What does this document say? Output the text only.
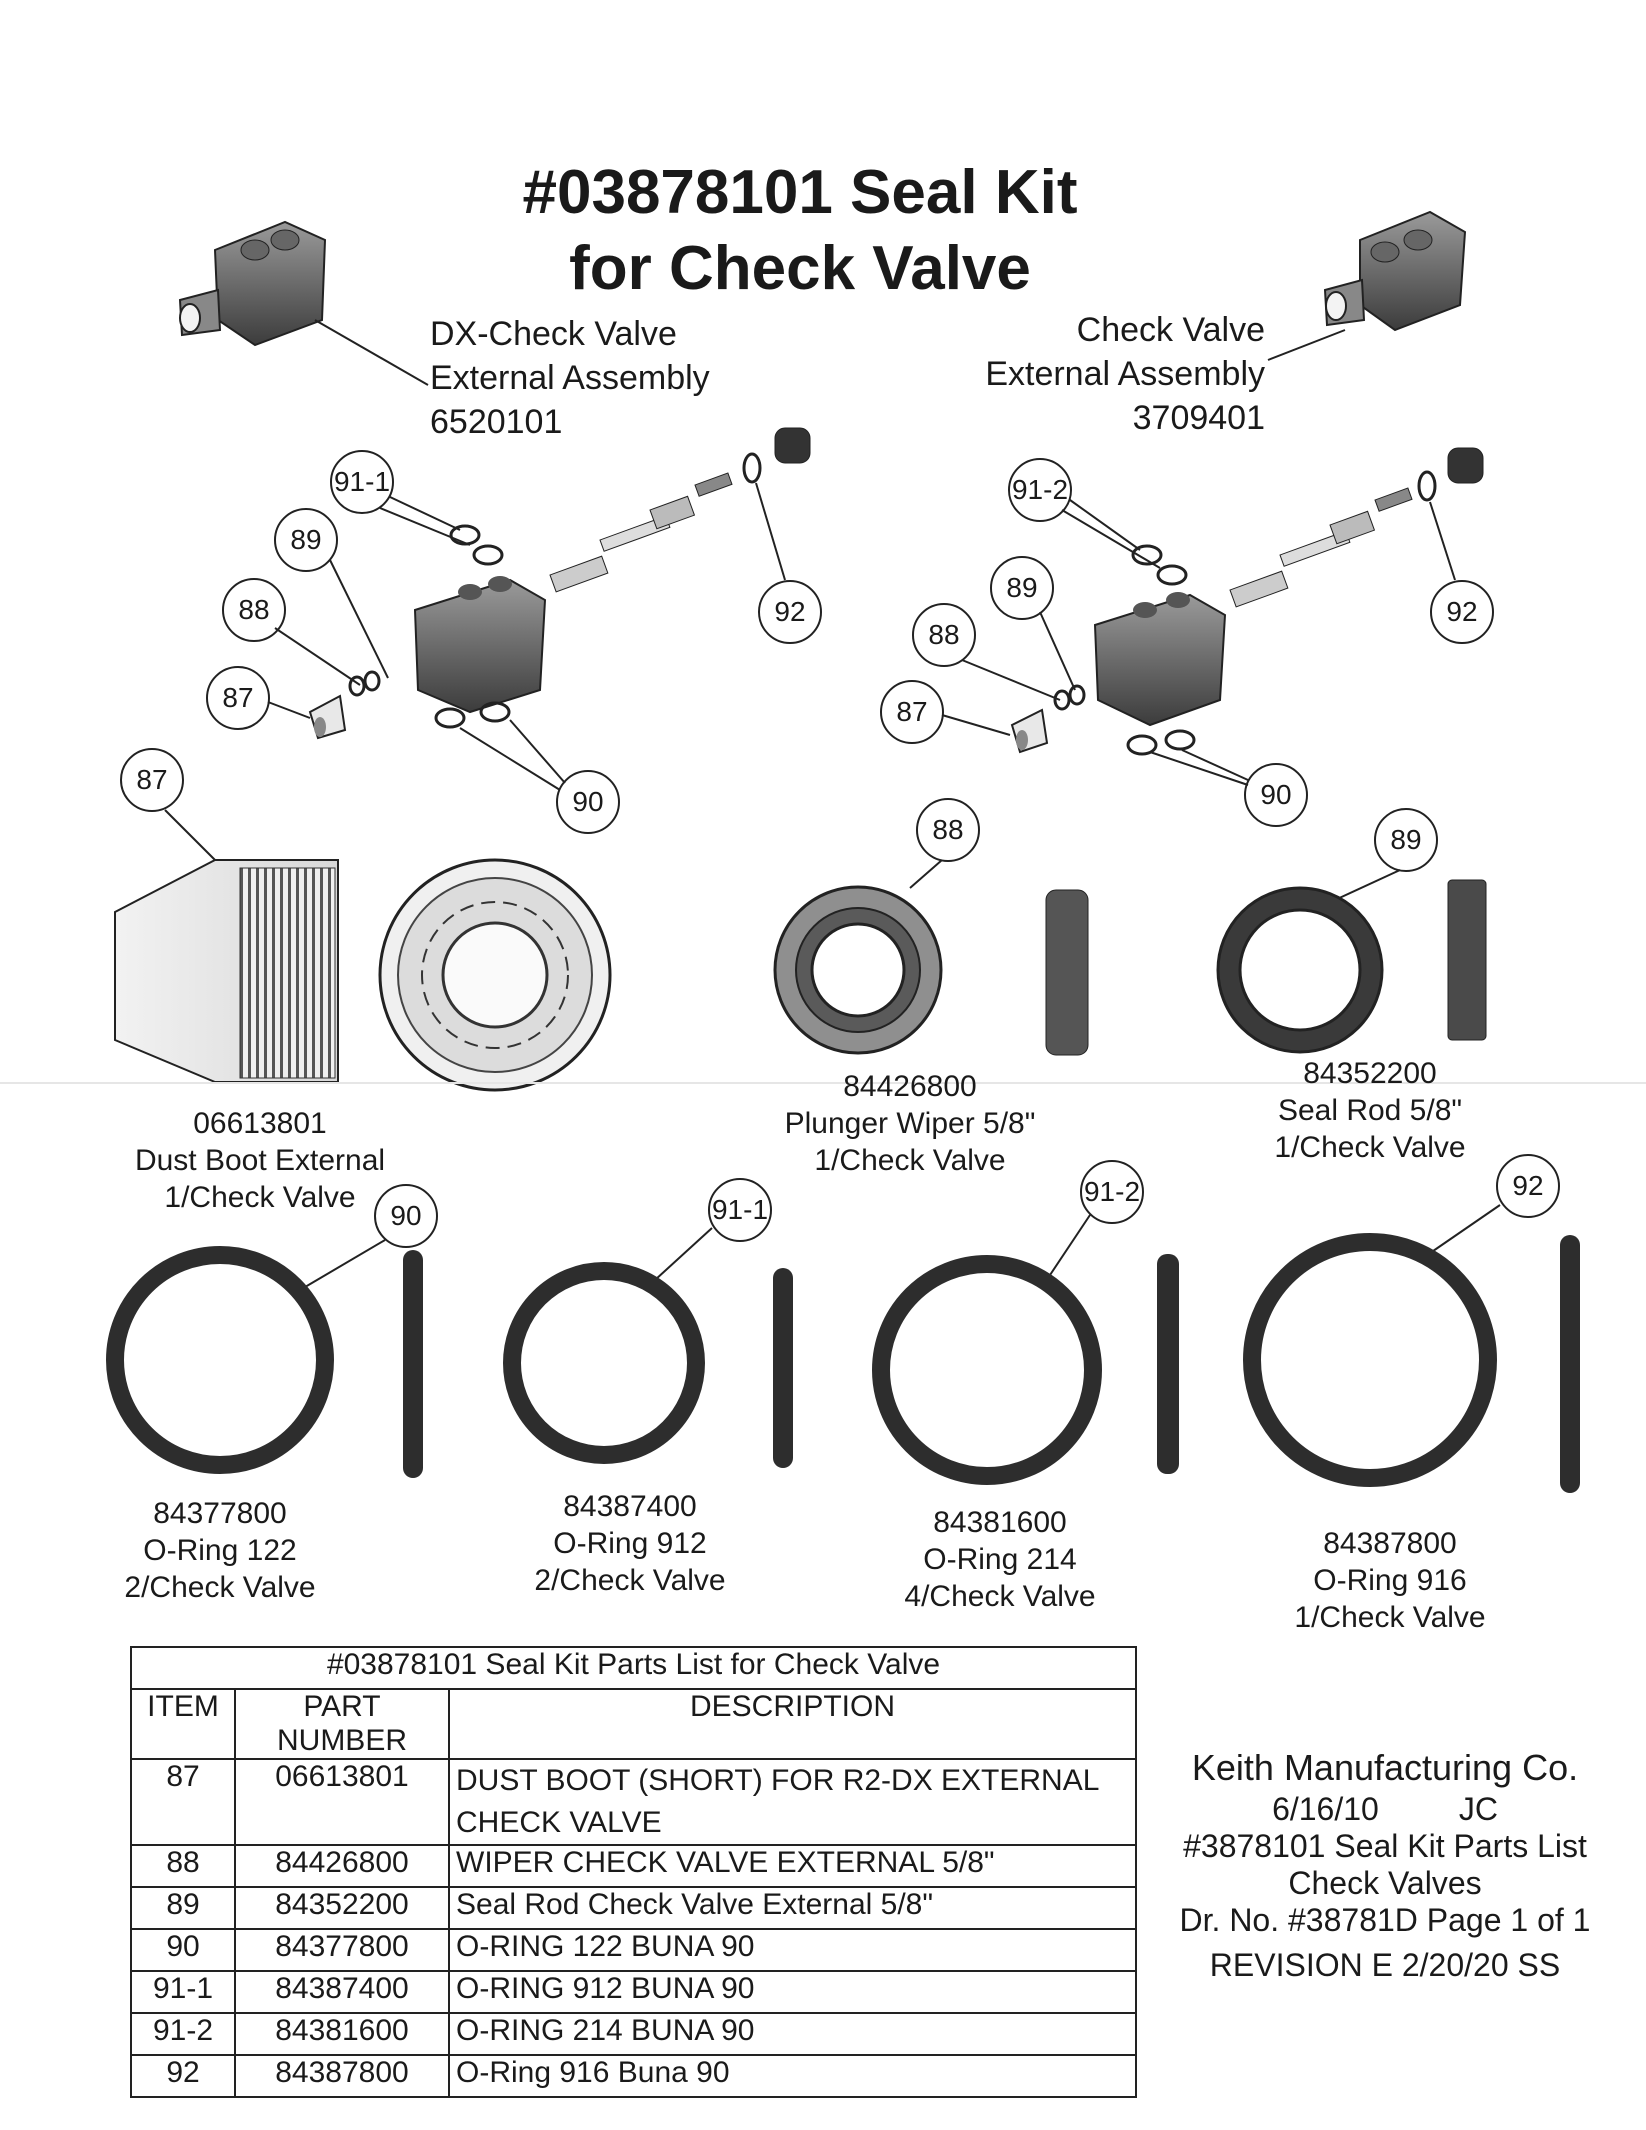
#03878101 Seal Kit
for Check Valve
DX-Check Valve
External Assembly
6520101
Check Valve
External Assembly
3709401
91-1
89
88
87
92
90
91-2
89
88
87
92
90
87
88	89
06613801
Dust Boot External
1/Check Valve
84426800
Plunger Wiper 5/8"
1/Check Valve
84352200
Seal Rod 5/8"
1/Check Valve
90	91-1
91-2	92
84377800
O-Ring 122
2/Check Valve
84387400
O-Ring 912
2/Check Valve
84381600
O-Ring 214
4/Check Valve
84387800
O-Ring 916
1/Check Valve
#03878101 Seal Kit Parts List for Check Valve		
ITEM	PART NUMBER	DESCRIPTION
87	06613801	DUST BOOT (SHORT) FOR R2-DX EXTERNAL
CHECK VALVE

88	84426800	WIPER CHECK VALVE EXTERNAL 5/8"
89	84352200	Seal Rod Check Valve External 5/8"
90	84377800	O-RING 122 BUNA 90
91-1	84387400	O-RING 912 BUNA 90
91-2	84381600	O-RING 214 BUNA 90
92	84387800	O-Ring 916 Buna 90
Keith Manufacturing Co.
6/16/10	JC
#3878101 Seal Kit Parts List
Check Valves
Dr. No. #38781D Page 1 of 1
REVISION E 2/20/20 SS
